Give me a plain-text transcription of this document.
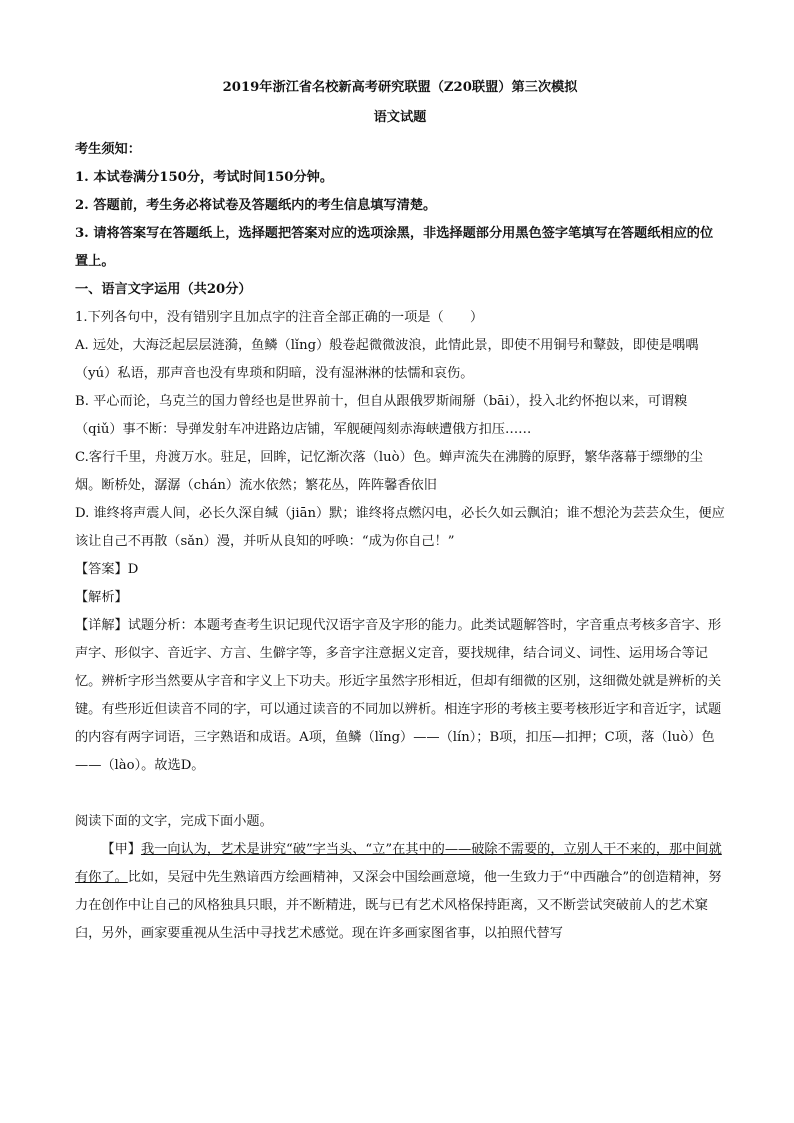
2019年浙江省名校新高考研究联盟（Z20联盟）第三次模拟

语文试题

考生须知：

1. 本试卷满分150分，考试时间150分钟。

2. 答题前，考生务必将试卷及答题纸内的考生信息填写清楚。

3. 请将答案写在答题纸上，选择题把答案对应的选项涂黑，非选择题部分用黑色签字笔填写在答题纸相应的位置上。

一、语言文字运用（共20分）

1.下列各句中，没有错别字且加点字的注音全部正确的一项是（　　）

A. 远处，大海泛起层层涟漪，鱼鳞（lǐng）般卷起微微波浪，此情此景，即使不用铜号和鼙鼓，即使是喁喁（yú）私语，那声音也没有卑琐和阴暗，没有湿淋淋的怯懦和哀伤。

B. 平心而论，乌克兰的国力曾经也是世界前十，但自从跟俄罗斯闹掰（bāi），投入北约怀抱以来，可谓糗（qiǔ）事不断：导弹发射车冲进路边店铺，军舰硬闯刻赤海峡遭俄方扣压……

C.客行千里，舟渡万水。驻足，回眸，记忆渐次落（luò）色。蝉声流失在沸腾的原野，繁华落幕于缥缈的尘烟。断桥处，潺潺（chán）流水依然；繁花丛，阵阵馨香依旧

D. 谁终将声震人间，必长久深自缄（jiān）默；谁终将点燃闪电，必长久如云飘泊；谁不想沦为芸芸众生，便应该让自己不再散（sǎn）漫，并听从良知的呼唤：“成为你自己！”

【答案】D

【解析】

【详解】试题分析：本题考查考生识记现代汉语字音及字形的能力。此类试题解答时，字音重点考核多音字、形声字、形似字、音近字、方言、生僻字等，多音字注意据义定音，要找规律，结合词义、词性、运用场合等记忆。辨析字形当然要从字音和字义上下功夫。形近字虽然字形相近，但却有细微的区别，这细微处就是辨析的关键。有些形近但读音不同的字，可以通过读音的不同加以辨析。相连字形的考核主要考核形近字和音近字，试题的内容有两字词语，三字熟语和成语。A项，鱼鳞（lǐng）——（lín）；B项，扣压—扣押；C项，落（luò）色——（lào）。故选D。

阅读下面的文字，完成下面小题。

【甲】我一向认为，艺术是讲究“破”字当头、“立”在其中的——破除不需要的，立别人干不来的，那中间就有你了。比如，吴冠中先生熟谙西方绘画精神，又深会中国绘画意境，他一生致力于“中西融合”的创造精神，努力在创作中让自己的风格独具只眼，并不断精进，既与已有艺术风格保持距离，又不断尝试突破前人的艺术窠臼，另外，画家要重视从生活中寻找艺术感觉。现在许多画家图省事，以拍照代替写
